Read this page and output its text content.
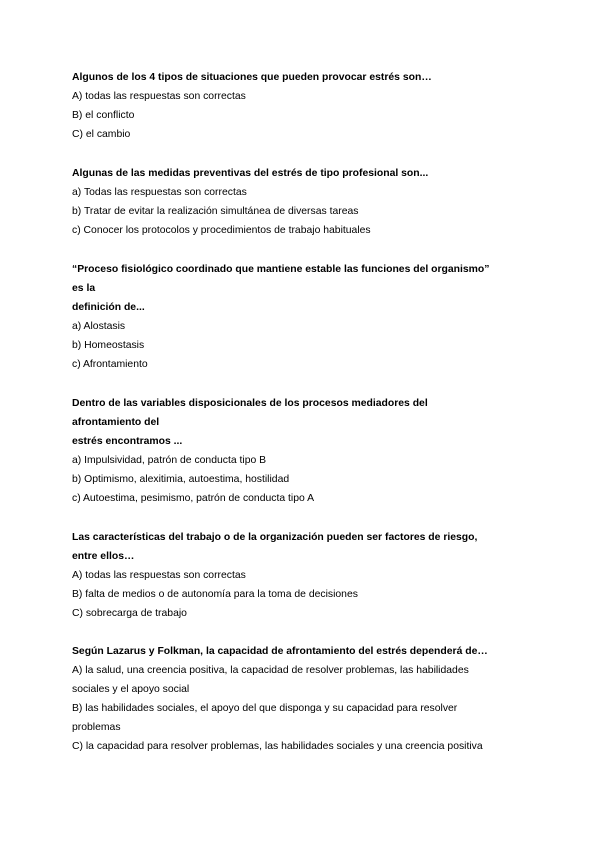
Algunos de los 4 tipos de situaciones que pueden provocar estrés son…
A) todas las respuestas son correctas
B) el conflicto
C) el cambio
Algunas de las medidas preventivas del estrés de tipo profesional son...
a) Todas las respuestas son correctas
b) Tratar de evitar la realización simultánea de diversas tareas
c) Conocer los protocolos y procedimientos de trabajo habituales
“Proceso fisiológico coordinado que mantiene estable las funciones del organismo”
es la
definición de...
a) Alostasis
b) Homeostasis
c) Afrontamiento
Dentro de las variables disposicionales de los procesos mediadores del
afrontamiento del
estrés encontramos ...
a) Impulsividad, patrón de conducta tipo B
b) Optimismo, alexitimia, autoestima, hostilidad
c) Autoestima, pesimismo, patrón de conducta tipo A
Las características del trabajo o de la organización pueden ser factores de riesgo,
entre ellos…
A) todas las respuestas son correctas
B) falta de medios o de autonomía para la toma de decisiones
C) sobrecarga de trabajo
Según Lazarus y Folkman, la capacidad de afrontamiento del estrés dependerá de…
A) la salud, una creencia positiva, la capacidad de resolver problemas, las habilidades
sociales y el apoyo social
B) las habilidades sociales, el apoyo del que disponga y su capacidad para resolver
problemas
C) la capacidad para resolver problemas, las habilidades sociales y una creencia positiva
